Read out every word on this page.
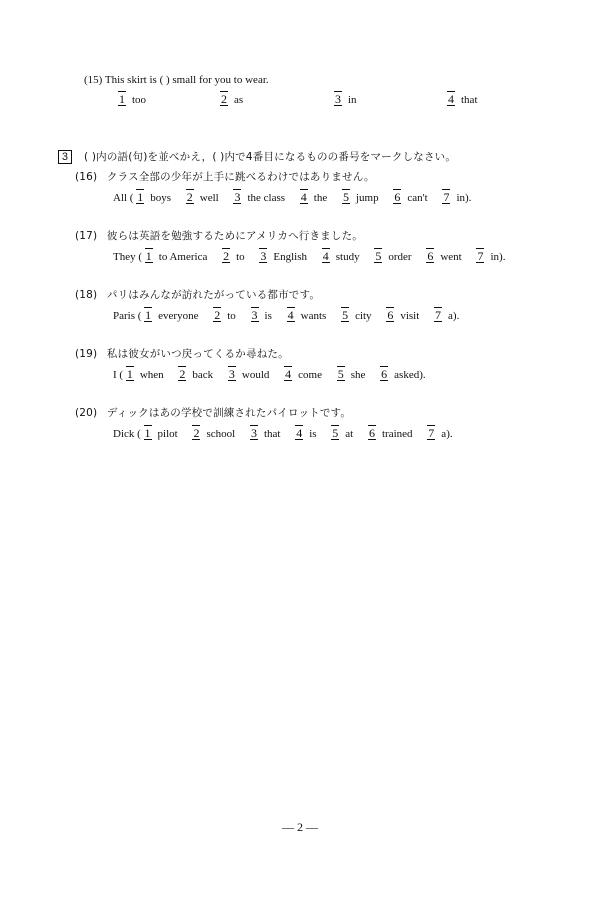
(15) This skirt is ( ) small for you to wear.
1 too	2 as	3 in	4 that
3 ( )内の語(句)を並べかえ，( )内で4番目になるものの番号をマークしなさい。
(16) クラス全部の少年が上手に跳べるわけではありません。
All ( 1 boys 2 well 3 the class 4 the 5 jump 6 can't 7 in).
(17) 彼らは英語を勉強するためにアメリカへ行きました。
They ( 1 to America 2 to 3 English 4 study 5 order 6 went 7 in).
(18) パリはみんなが訪れたがっている都市です。
Paris ( 1 everyone 2 to 3 is 4 wants 5 city 6 visit 7 a).
(19) 私は彼女がいつ戻ってくるか尋ねた。
I ( 1 when 2 back 3 would 4 come 5 she 6 asked).
(20) ディックはあの学校で訓練されたパイロットです。
Dick ( 1 pilot 2 school 3 that 4 is 5 at 6 trained 7 a).
— 2 —
